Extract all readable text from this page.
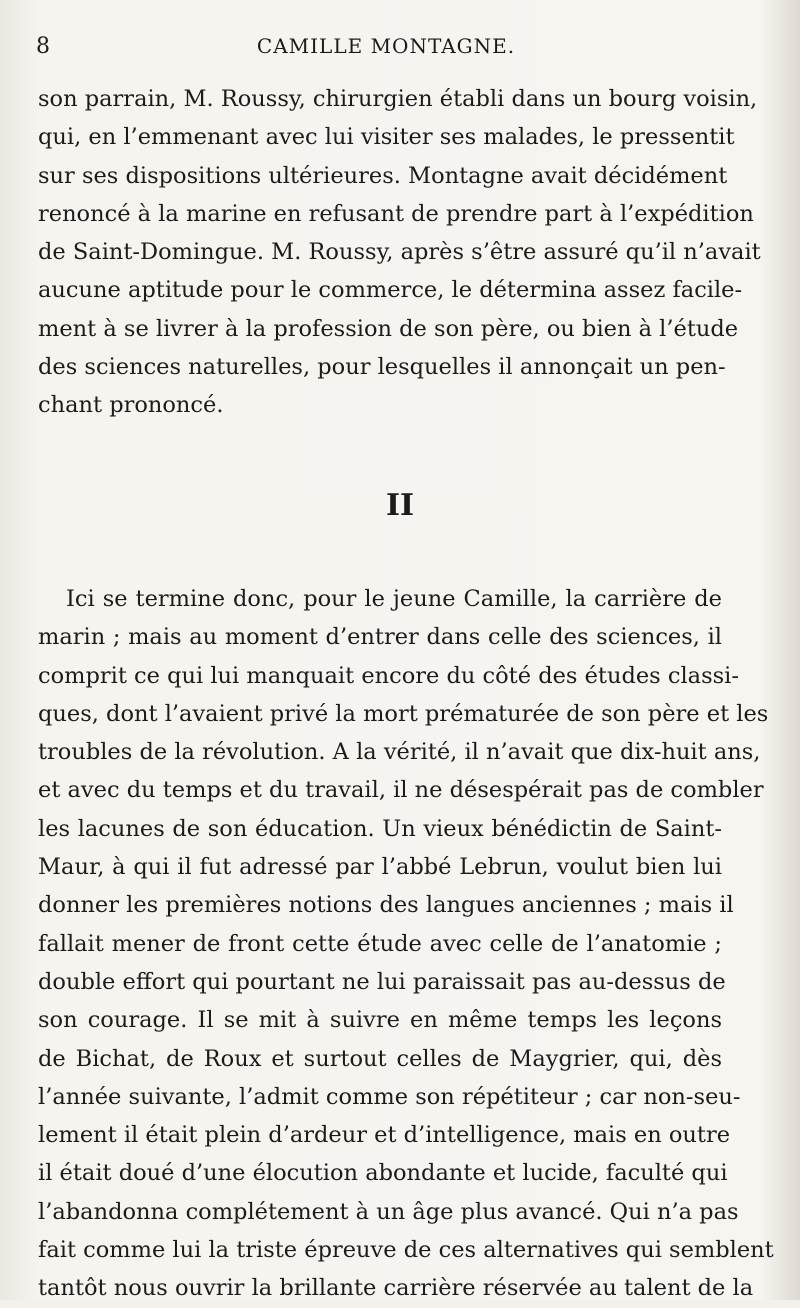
8	CAMILLE MONTAGNE.
son parrain, M. Roussy, chirurgien établi dans un bourg voisin,
qui, en l’emmenant avec lui visiter ses malades, le pressentit
sur ses dispositions ultérieures. Montagne avait décidément
renoncé à la marine en refusant de prendre part à l’expédition
de Saint-Domingue. M. Roussy, après s’être assuré qu’il n’avait
aucune aptitude pour le commerce, le détermina assez facile-
ment à se livrer à la profession de son père, ou bien à l’étude
des sciences naturelles, pour lesquelles il annonçait un pen-
chant prononcé.
II
Ici se termine donc, pour le jeune Camille, la carrière de
marin ; mais au moment d’entrer dans celle des sciences, il
comprit ce qui lui manquait encore du côté des études classi-
ques, dont l’avaient privé la mort prématurée de son père et les
troubles de la révolution. A la vérité, il n’avait que dix-huit ans,
et avec du temps et du travail, il ne désespérait pas de combler
les lacunes de son éducation. Un vieux bénédictin de Saint-
Maur, à qui il fut adressé par l’abbé Lebrun, voulut bien lui
donner les premières notions des langues anciennes ; mais il
fallait mener de front cette étude avec celle de l’anatomie ;
double effort qui pourtant ne lui paraissait pas au-dessus de
son courage. Il se mit à suivre en même temps les leçons
de Bichat, de Roux et surtout celles de Maygrier, qui, dès
l’année suivante, l’admit comme son répétiteur ; car non-seu-
lement il était plein d’ardeur et d’intelligence, mais en outre
il était doué d’une élocution abondante et lucide, faculté qui
l’abandonna complétement à un âge plus avancé. Qui n’a pas
fait comme lui la triste épreuve de ces alternatives qui semblent
tantôt nous ouvrir la brillante carrière réservée au talent de la
